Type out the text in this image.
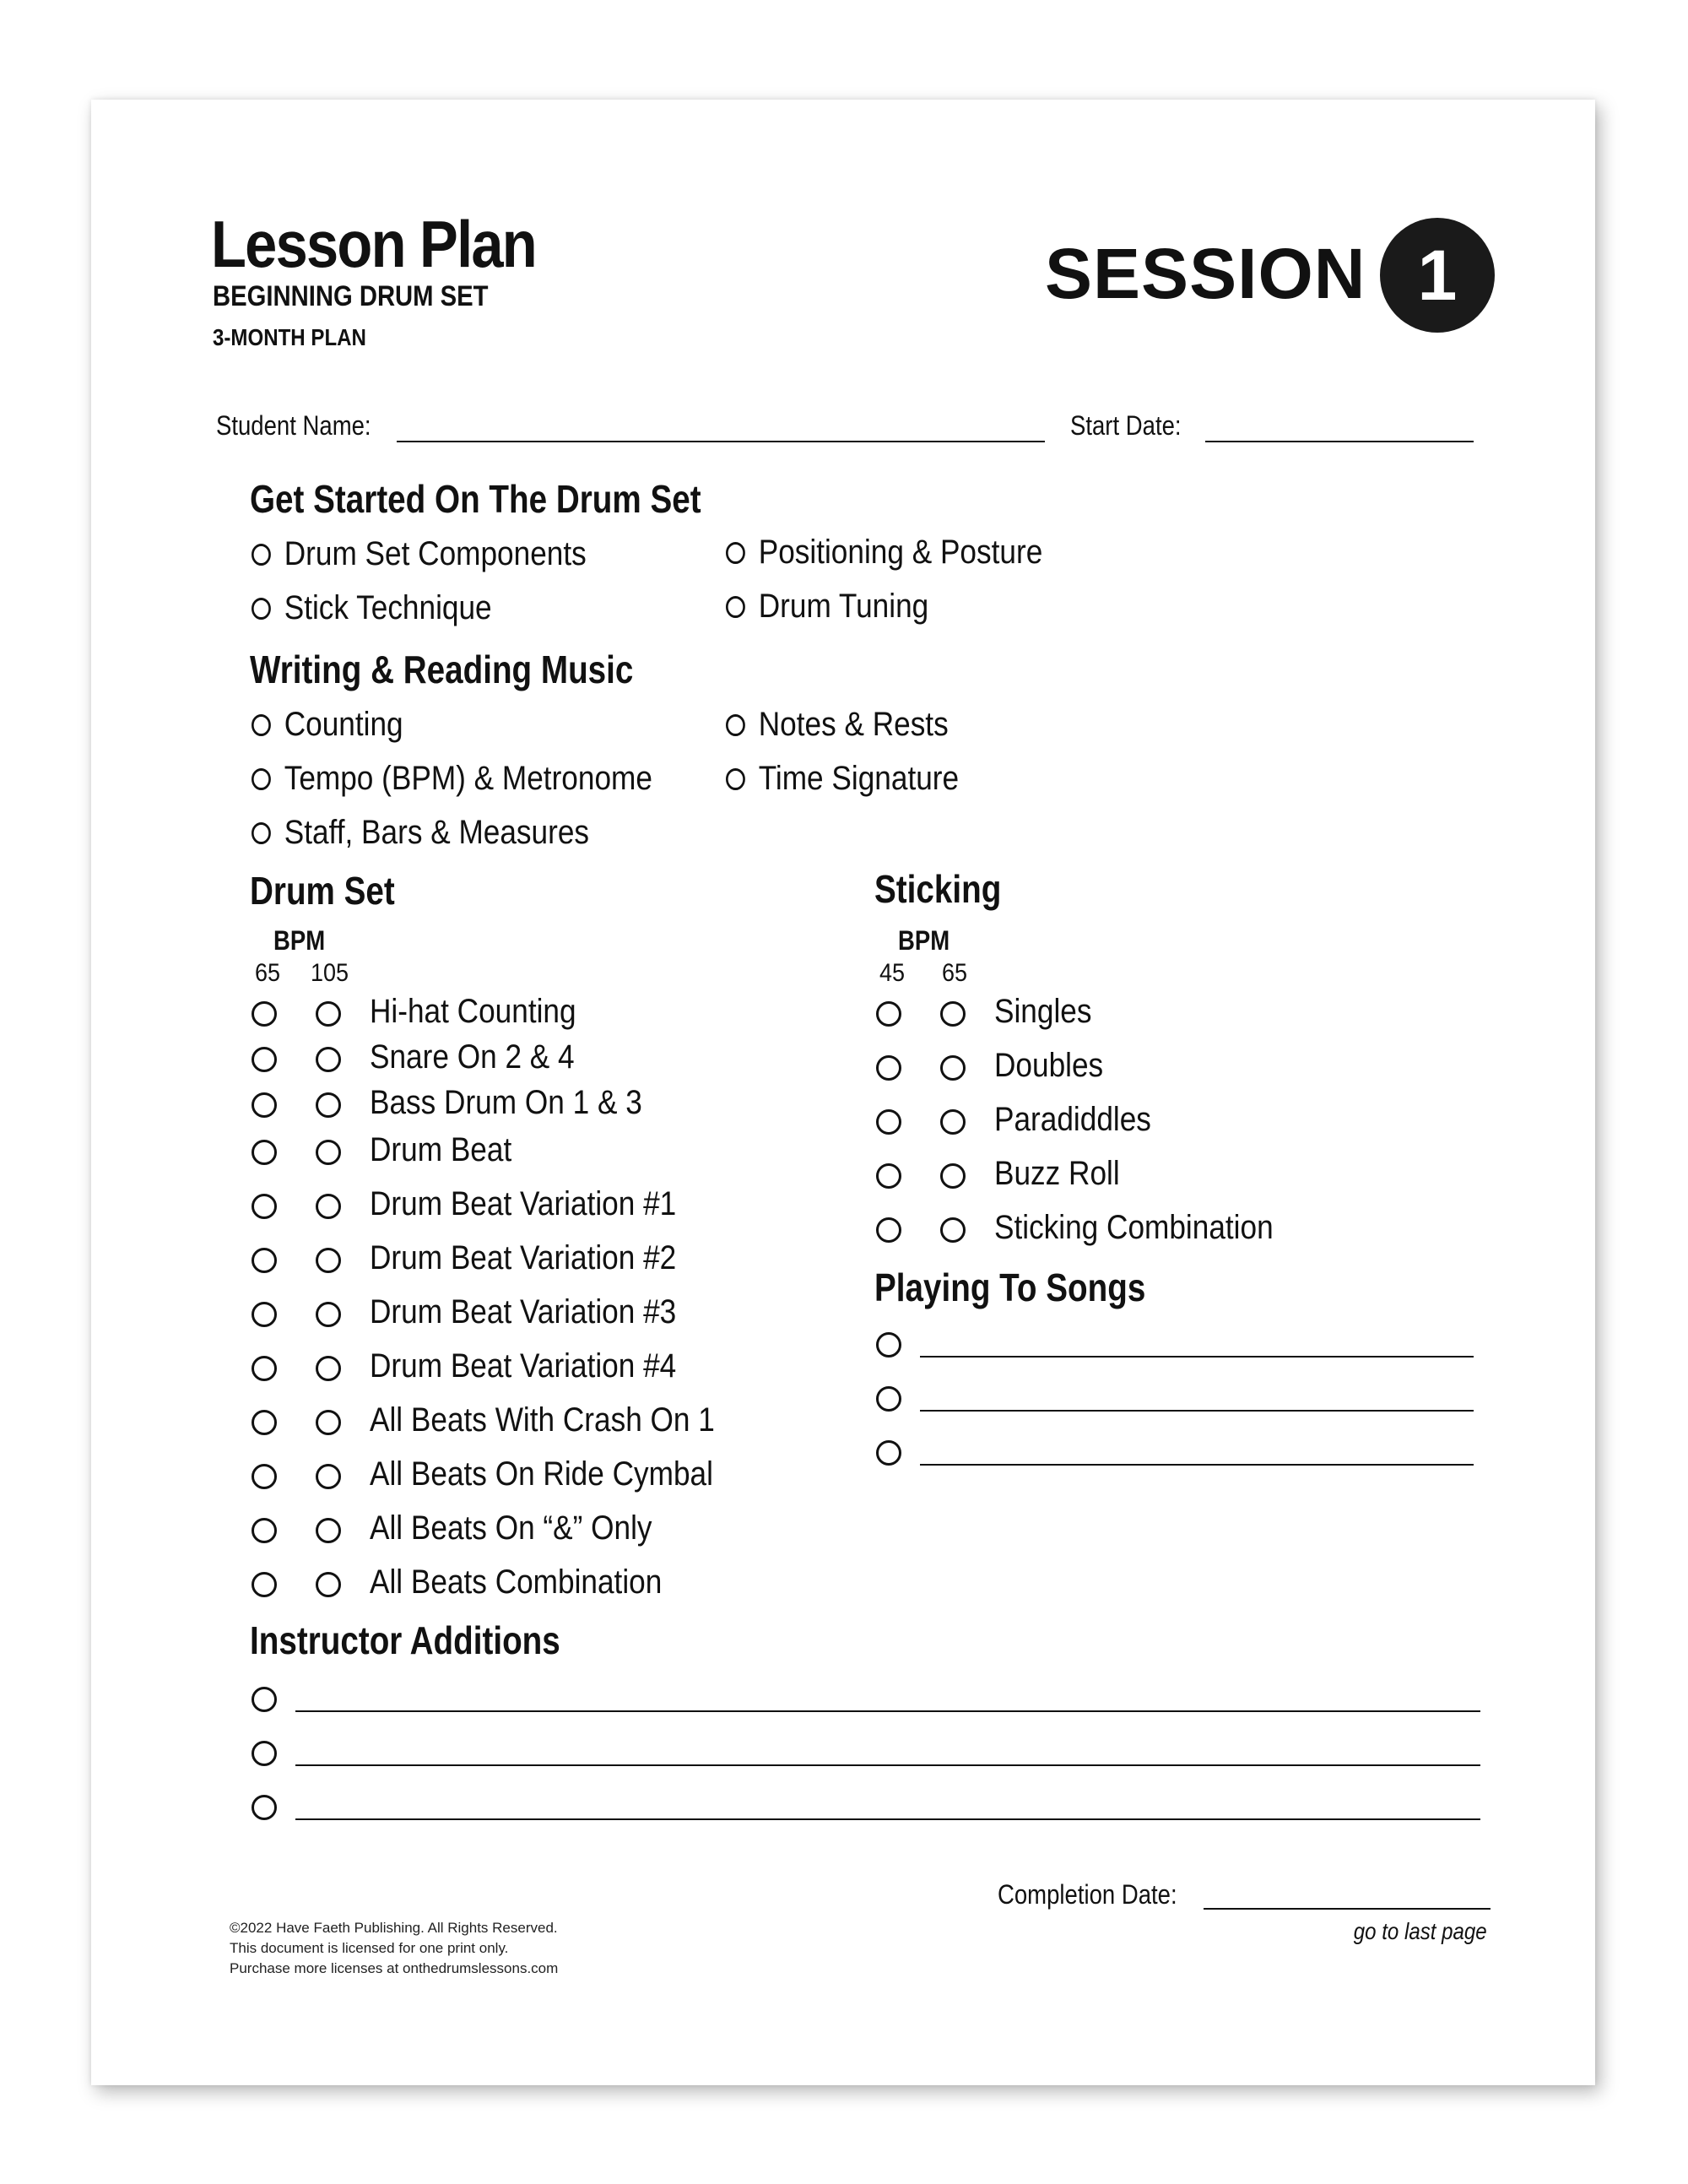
Lesson Plan
BEGINNING DRUM SET
3-MONTH PLAN
SESSION 1
Student Name:	Start Date:
Get Started On The Drum Set
Drum Set Components
Stick Technique
Positioning & Posture
Drum Tuning
Writing & Reading Music
Counting
Tempo (BPM) & Metronome
Staff, Bars & Measures
Notes & Rests
Time Signature
Drum Set
BPM
65 105
Hi-hat Counting
Snare On 2 & 4
Bass Drum On 1 & 3
Drum Beat
Drum Beat Variation #1
Drum Beat Variation #2
Drum Beat Variation #3
Drum Beat Variation #4
All Beats With Crash On 1
All Beats On Ride Cymbal
All Beats On “&” Only
All Beats Combination
Sticking
BPM
45 65
Singles
Doubles
Paradiddles
Buzz Roll
Sticking Combination
Playing To Songs
Instructor Additions
Completion Date:
go to last page
©2022 Have Faeth Publishing. All Rights Reserved.
This document is licensed for one print only.
Purchase more licenses at onthedrumslessons.com
